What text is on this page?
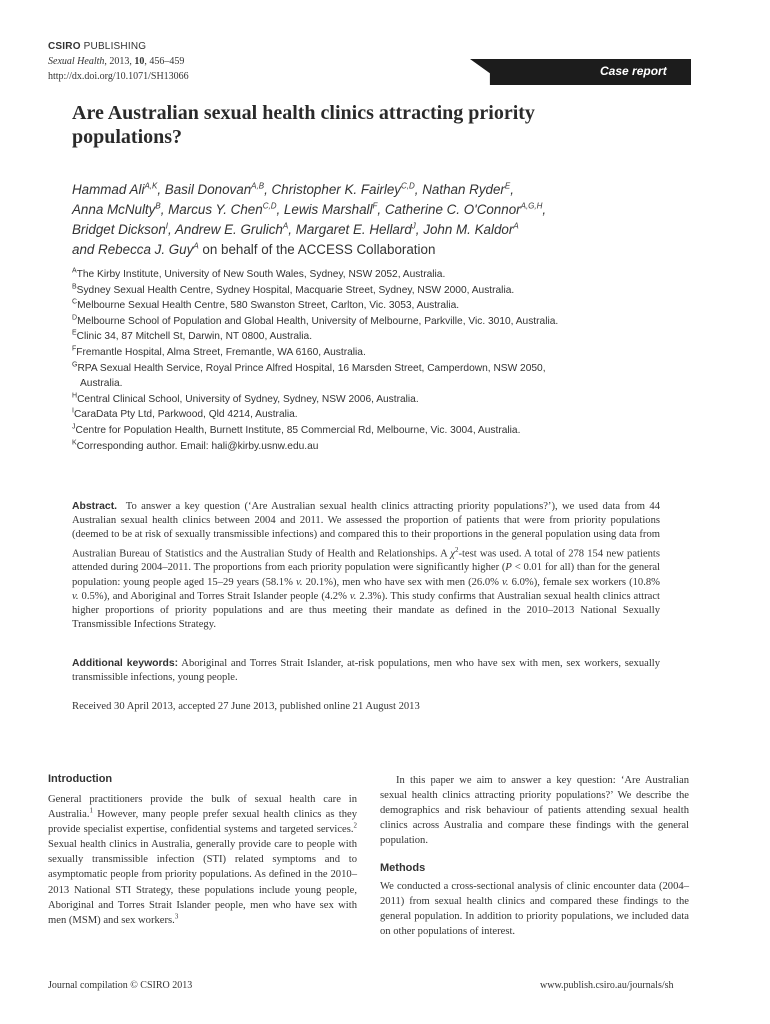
CSIRO PUBLISHING
Sexual Health, 2013, 10, 456–459
http://dx.doi.org/10.1071/SH13066	Case report
Are Australian sexual health clinics attracting priority populations?
Hammad Ali$^{A,K}$, Basil Donovan$^{A,B}$, Christopher K. Fairley$^{C,D}$, Nathan Ryder$^E$,
Anna McNulty$^B$, Marcus Y. Chen$^{C,D}$, Lewis Marshall$^F$, Catherine C. O'Connor$^{A,G,H}$,
Bridget Dickson$^I$, Andrew E. Grulich$^A$, Margaret E. Hellard$^J$, John M. Kaldor$^A$
and Rebecca J. Guy$^A$ on behalf of the ACCESS Collaboration
$^A$The Kirby Institute, University of New South Wales, Sydney, NSW 2052, Australia.
$^B$Sydney Sexual Health Centre, Sydney Hospital, Macquarie Street, Sydney, NSW 2000, Australia.
$^C$Melbourne Sexual Health Centre, 580 Swanston Street, Carlton, Vic. 3053, Australia.
$^D$Melbourne School of Population and Global Health, University of Melbourne, Parkville, Vic. 3010, Australia.
$^E$Clinic 34, 87 Mitchell St, Darwin, NT 0800, Australia.
$^F$Fremantle Hospital, Alma Street, Fremantle, WA 6160, Australia.
$^G$RPA Sexual Health Service, Royal Prince Alfred Hospital, 16 Marsden Street, Camperdown, NSW 2050,
Australia.
$^H$Central Clinical School, University of Sydney, Sydney, NSW 2006, Australia.
$^I$CaraData Pty Ltd, Parkwood, Qld 4214, Australia.
$^J$Centre for Population Health, Burnett Institute, 85 Commercial Rd, Melbourne, Vic. 3004, Australia.
$^K$Corresponding author. Email: hali@kirby.usnw.edu.au
Abstract. To answer a key question (‘Are Australian sexual health clinics attracting priority populations?’), we used data from 44 Australian sexual health clinics between 2004 and 2011. We assessed the proportion of patients that were from priority populations (deemed to be at risk of sexually transmissible infections) and compared this to their proportions in the general population using data from Australian Bureau of Statistics and the Australian Study of Health and Relationships. A $\chi^2$-test was used. A total of 278 154 new patients attended during 2004–2011. The proportions from each priority population were significantly higher (P < 0.01 for all) than for the general population: young people aged 15–29 years (58.1% v. 20.1%), men who have sex with men (26.0% v. 6.0%), female sex workers (10.8% v. 0.5%), and Aboriginal and Torres Strait Islander people (4.2% v. 2.3%). This study confirms that Australian sexual health clinics attract higher proportions of priority populations and are thus meeting their mandate as defined in the 2010–2013 National Sexually Transmissible Infections Strategy.
Additional keywords: Aboriginal and Torres Strait Islander, at-risk populations, men who have sex with men, sex workers, sexually transmissible infections, young people.
Received 30 April 2013, accepted 27 June 2013, published online 21 August 2013
Introduction
General practitioners provide the bulk of sexual health care in Australia.$^1$ However, many people prefer sexual health clinics as they provide specialist expertise, confidential systems and targeted services.$^2$ Sexual health clinics in Australia, generally provide care to people with sexually transmissible infection (STI) related symptoms and to asymptomatic people from priority populations. As defined in the 2010–2013 National STI Strategy, these populations include young people, Aboriginal and Torres Strait Islander people, men who have sex with men (MSM) and sex workers.$^3$
In this paper we aim to answer a key question: ‘Are Australian sexual health clinics attracting priority populations?’ We describe the demographics and risk behaviour of patients attending sexual health clinics across Australia and compare these findings with the general population.
Methods
We conducted a cross-sectional analysis of clinic encounter data (2004–2011) from sexual health clinics and compared these findings to the general population. In addition to priority populations, we included data on other populations of interest.
Journal compilation © CSIRO 2013	www.publish.csiro.au/journals/sh
